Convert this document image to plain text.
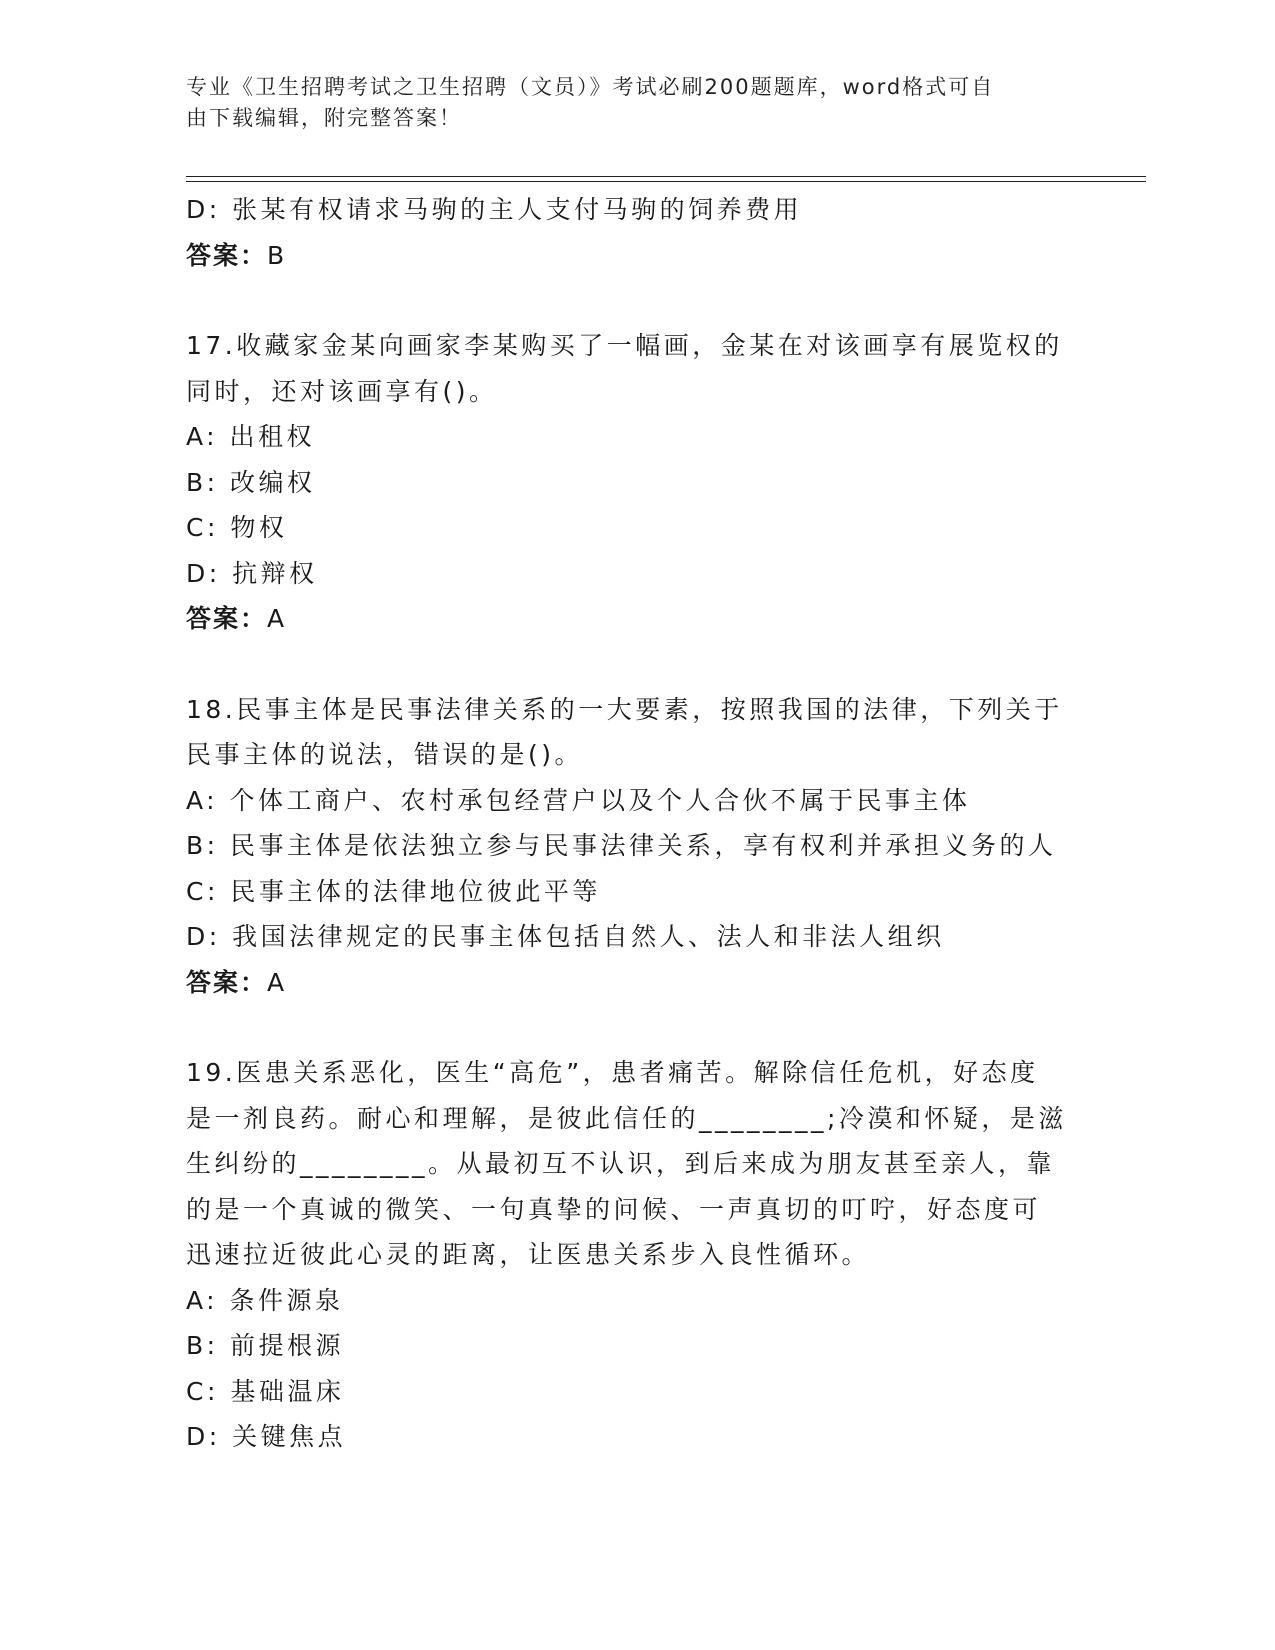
专业《卫生招聘考试之卫生招聘（文员）》考试必刷200题题库，word格式可自
由下载编辑，附完整答案！

D: 张某有权请求马驹的主人支付马驹的饲养费用

答案：B

17.收藏家金某向画家李某购买了一幅画，金某在对该画享有展览权的

同时，还对该画享有()。

A: 出租权

B: 改编权

C: 物权

D: 抗辩权

答案：A

18.民事主体是民事法律关系的一大要素，按照我国的法律，下列关于

民事主体的说法，错误的是()。

A: 个体工商户、农村承包经营户以及个人合伙不属于民事主体

B: 民事主体是依法独立参与民事法律关系，享有权利并承担义务的人

C: 民事主体的法律地位彼此平等

D: 我国法律规定的民事主体包括自然人、法人和非法人组织

答案：A

19.医患关系恶化，医生“高危”，患者痛苦。解除信任危机，好态度

是一剂良药。耐心和理解，是彼此信任的________;冷漠和怀疑，是滋

生纠纷的________。从最初互不认识，到后来成为朋友甚至亲人，靠

的是一个真诚的微笑、一句真挚的问候、一声真切的叮咛，好态度可

迅速拉近彼此心灵的距离，让医患关系步入良性循环。

A: 条件源泉

B: 前提根源

C: 基础温床

D: 关键焦点
